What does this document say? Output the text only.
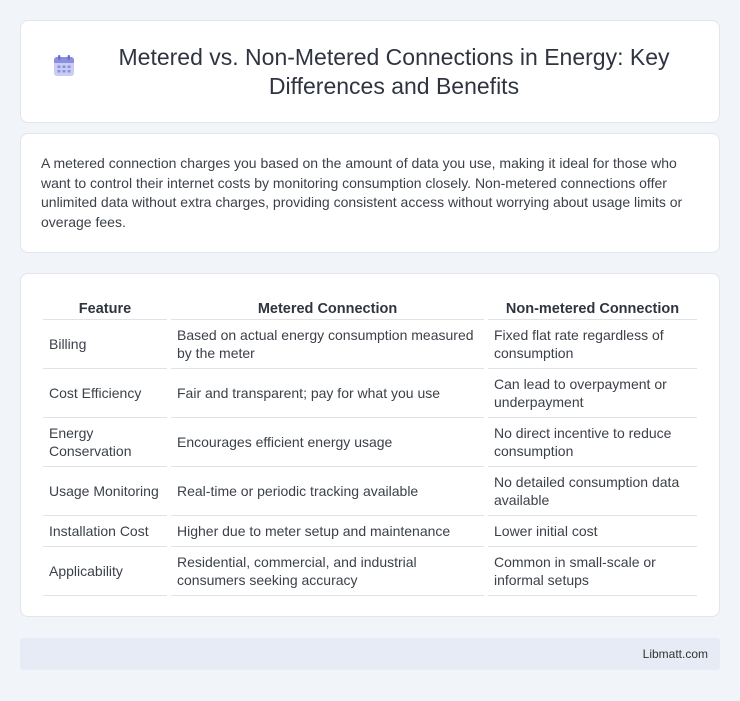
Metered vs. Non-Metered Connections in Energy: Key Differences and Benefits

A metered connection charges you based on the amount of data you use, making it ideal for those who want to control their internet costs by monitoring consumption closely. Non-metered connections offer unlimited data without extra charges, providing consistent access without worrying about usage limits or overage fees.

Feature	Metered Connection	Non-metered Connection
Billing	Based on actual energy consumption measured by the meter	Fixed flat rate regardless of consumption
Cost Efficiency	Fair and transparent; pay for what you use	Can lead to overpayment or underpayment
Energy Conservation	Encourages efficient energy usage	No direct incentive to reduce consumption
Usage Monitoring	Real-time or periodic tracking available	No detailed consumption data available
Installation Cost	Higher due to meter setup and maintenance	Lower initial cost
Applicability	Residential, commercial, and industrial consumers seeking accuracy	Common in small-scale or informal setups
Libmatt.com
